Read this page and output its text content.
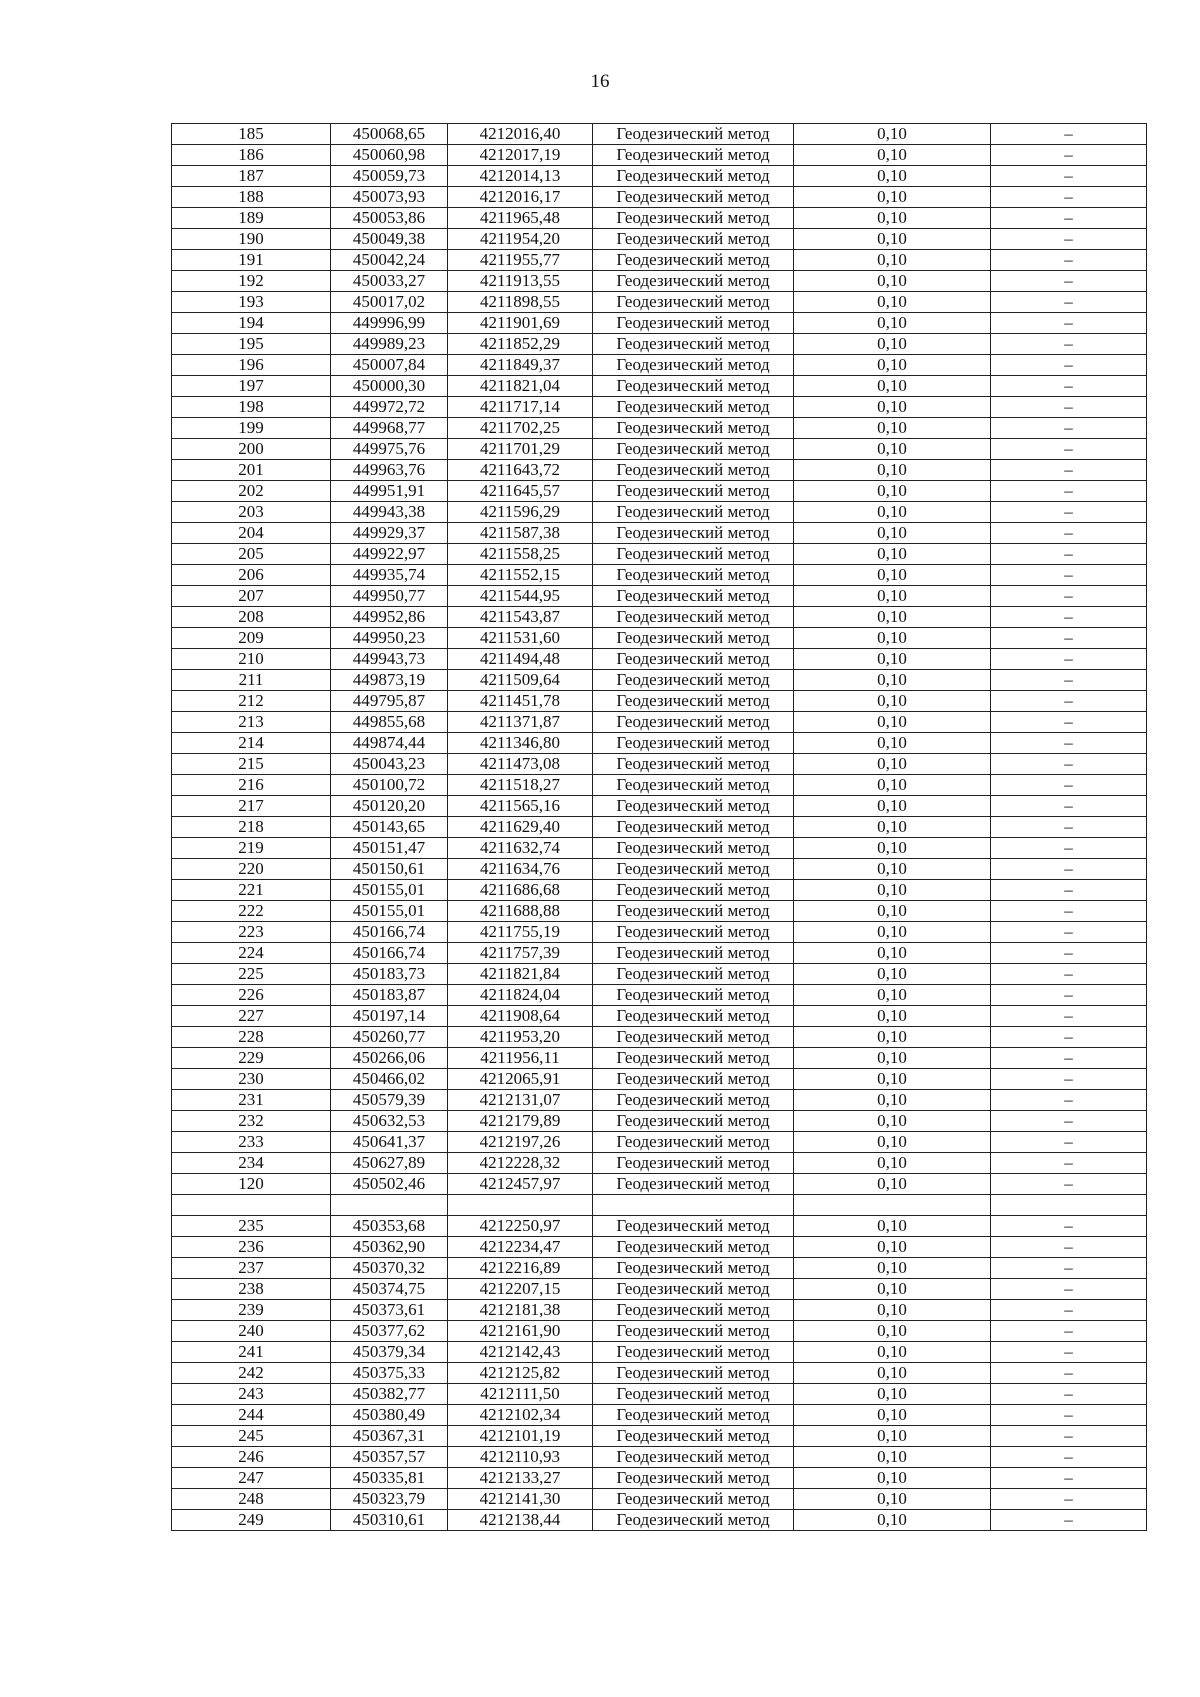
16
185	450068,65	4212016,40	Геодезический метод	0,10	–
186	450060,98	4212017,19	Геодезический метод	0,10	–
187	450059,73	4212014,13	Геодезический метод	0,10	–
188	450073,93	4212016,17	Геодезический метод	0,10	–
189	450053,86	4211965,48	Геодезический метод	0,10	–
190	450049,38	4211954,20	Геодезический метод	0,10	–
191	450042,24	4211955,77	Геодезический метод	0,10	–
192	450033,27	4211913,55	Геодезический метод	0,10	–
193	450017,02	4211898,55	Геодезический метод	0,10	–
194	449996,99	4211901,69	Геодезический метод	0,10	–
195	449989,23	4211852,29	Геодезический метод	0,10	–
196	450007,84	4211849,37	Геодезический метод	0,10	–
197	450000,30	4211821,04	Геодезический метод	0,10	–
198	449972,72	4211717,14	Геодезический метод	0,10	–
199	449968,77	4211702,25	Геодезический метод	0,10	–
200	449975,76	4211701,29	Геодезический метод	0,10	–
201	449963,76	4211643,72	Геодезический метод	0,10	–
202	449951,91	4211645,57	Геодезический метод	0,10	–
203	449943,38	4211596,29	Геодезический метод	0,10	–
204	449929,37	4211587,38	Геодезический метод	0,10	–
205	449922,97	4211558,25	Геодезический метод	0,10	–
206	449935,74	4211552,15	Геодезический метод	0,10	–
207	449950,77	4211544,95	Геодезический метод	0,10	–
208	449952,86	4211543,87	Геодезический метод	0,10	–
209	449950,23	4211531,60	Геодезический метод	0,10	–
210	449943,73	4211494,48	Геодезический метод	0,10	–
211	449873,19	4211509,64	Геодезический метод	0,10	–
212	449795,87	4211451,78	Геодезический метод	0,10	–
213	449855,68	4211371,87	Геодезический метод	0,10	–
214	449874,44	4211346,80	Геодезический метод	0,10	–
215	450043,23	4211473,08	Геодезический метод	0,10	–
216	450100,72	4211518,27	Геодезический метод	0,10	–
217	450120,20	4211565,16	Геодезический метод	0,10	–
218	450143,65	4211629,40	Геодезический метод	0,10	–
219	450151,47	4211632,74	Геодезический метод	0,10	–
220	450150,61	4211634,76	Геодезический метод	0,10	–
221	450155,01	4211686,68	Геодезический метод	0,10	–
222	450155,01	4211688,88	Геодезический метод	0,10	–
223	450166,74	4211755,19	Геодезический метод	0,10	–
224	450166,74	4211757,39	Геодезический метод	0,10	–
225	450183,73	4211821,84	Геодезический метод	0,10	–
226	450183,87	4211824,04	Геодезический метод	0,10	–
227	450197,14	4211908,64	Геодезический метод	0,10	–
228	450260,77	4211953,20	Геодезический метод	0,10	–
229	450266,06	4211956,11	Геодезический метод	0,10	–
230	450466,02	4212065,91	Геодезический метод	0,10	–
231	450579,39	4212131,07	Геодезический метод	0,10	–
232	450632,53	4212179,89	Геодезический метод	0,10	–
233	450641,37	4212197,26	Геодезический метод	0,10	–
234	450627,89	4212228,32	Геодезический метод	0,10	–
120	450502,46	4212457,97	Геодезический метод	0,10	–

235	450353,68	4212250,97	Геодезический метод	0,10	–
236	450362,90	4212234,47	Геодезический метод	0,10	–
237	450370,32	4212216,89	Геодезический метод	0,10	–
238	450374,75	4212207,15	Геодезический метод	0,10	–
239	450373,61	4212181,38	Геодезический метод	0,10	–
240	450377,62	4212161,90	Геодезический метод	0,10	–
241	450379,34	4212142,43	Геодезический метод	0,10	–
242	450375,33	4212125,82	Геодезический метод	0,10	–
243	450382,77	4212111,50	Геодезический метод	0,10	–
244	450380,49	4212102,34	Геодезический метод	0,10	–
245	450367,31	4212101,19	Геодезический метод	0,10	–
246	450357,57	4212110,93	Геодезический метод	0,10	–
247	450335,81	4212133,27	Геодезический метод	0,10	–
248	450323,79	4212141,30	Геодезический метод	0,10	–
249	450310,61	4212138,44	Геодезический метод	0,10	–
